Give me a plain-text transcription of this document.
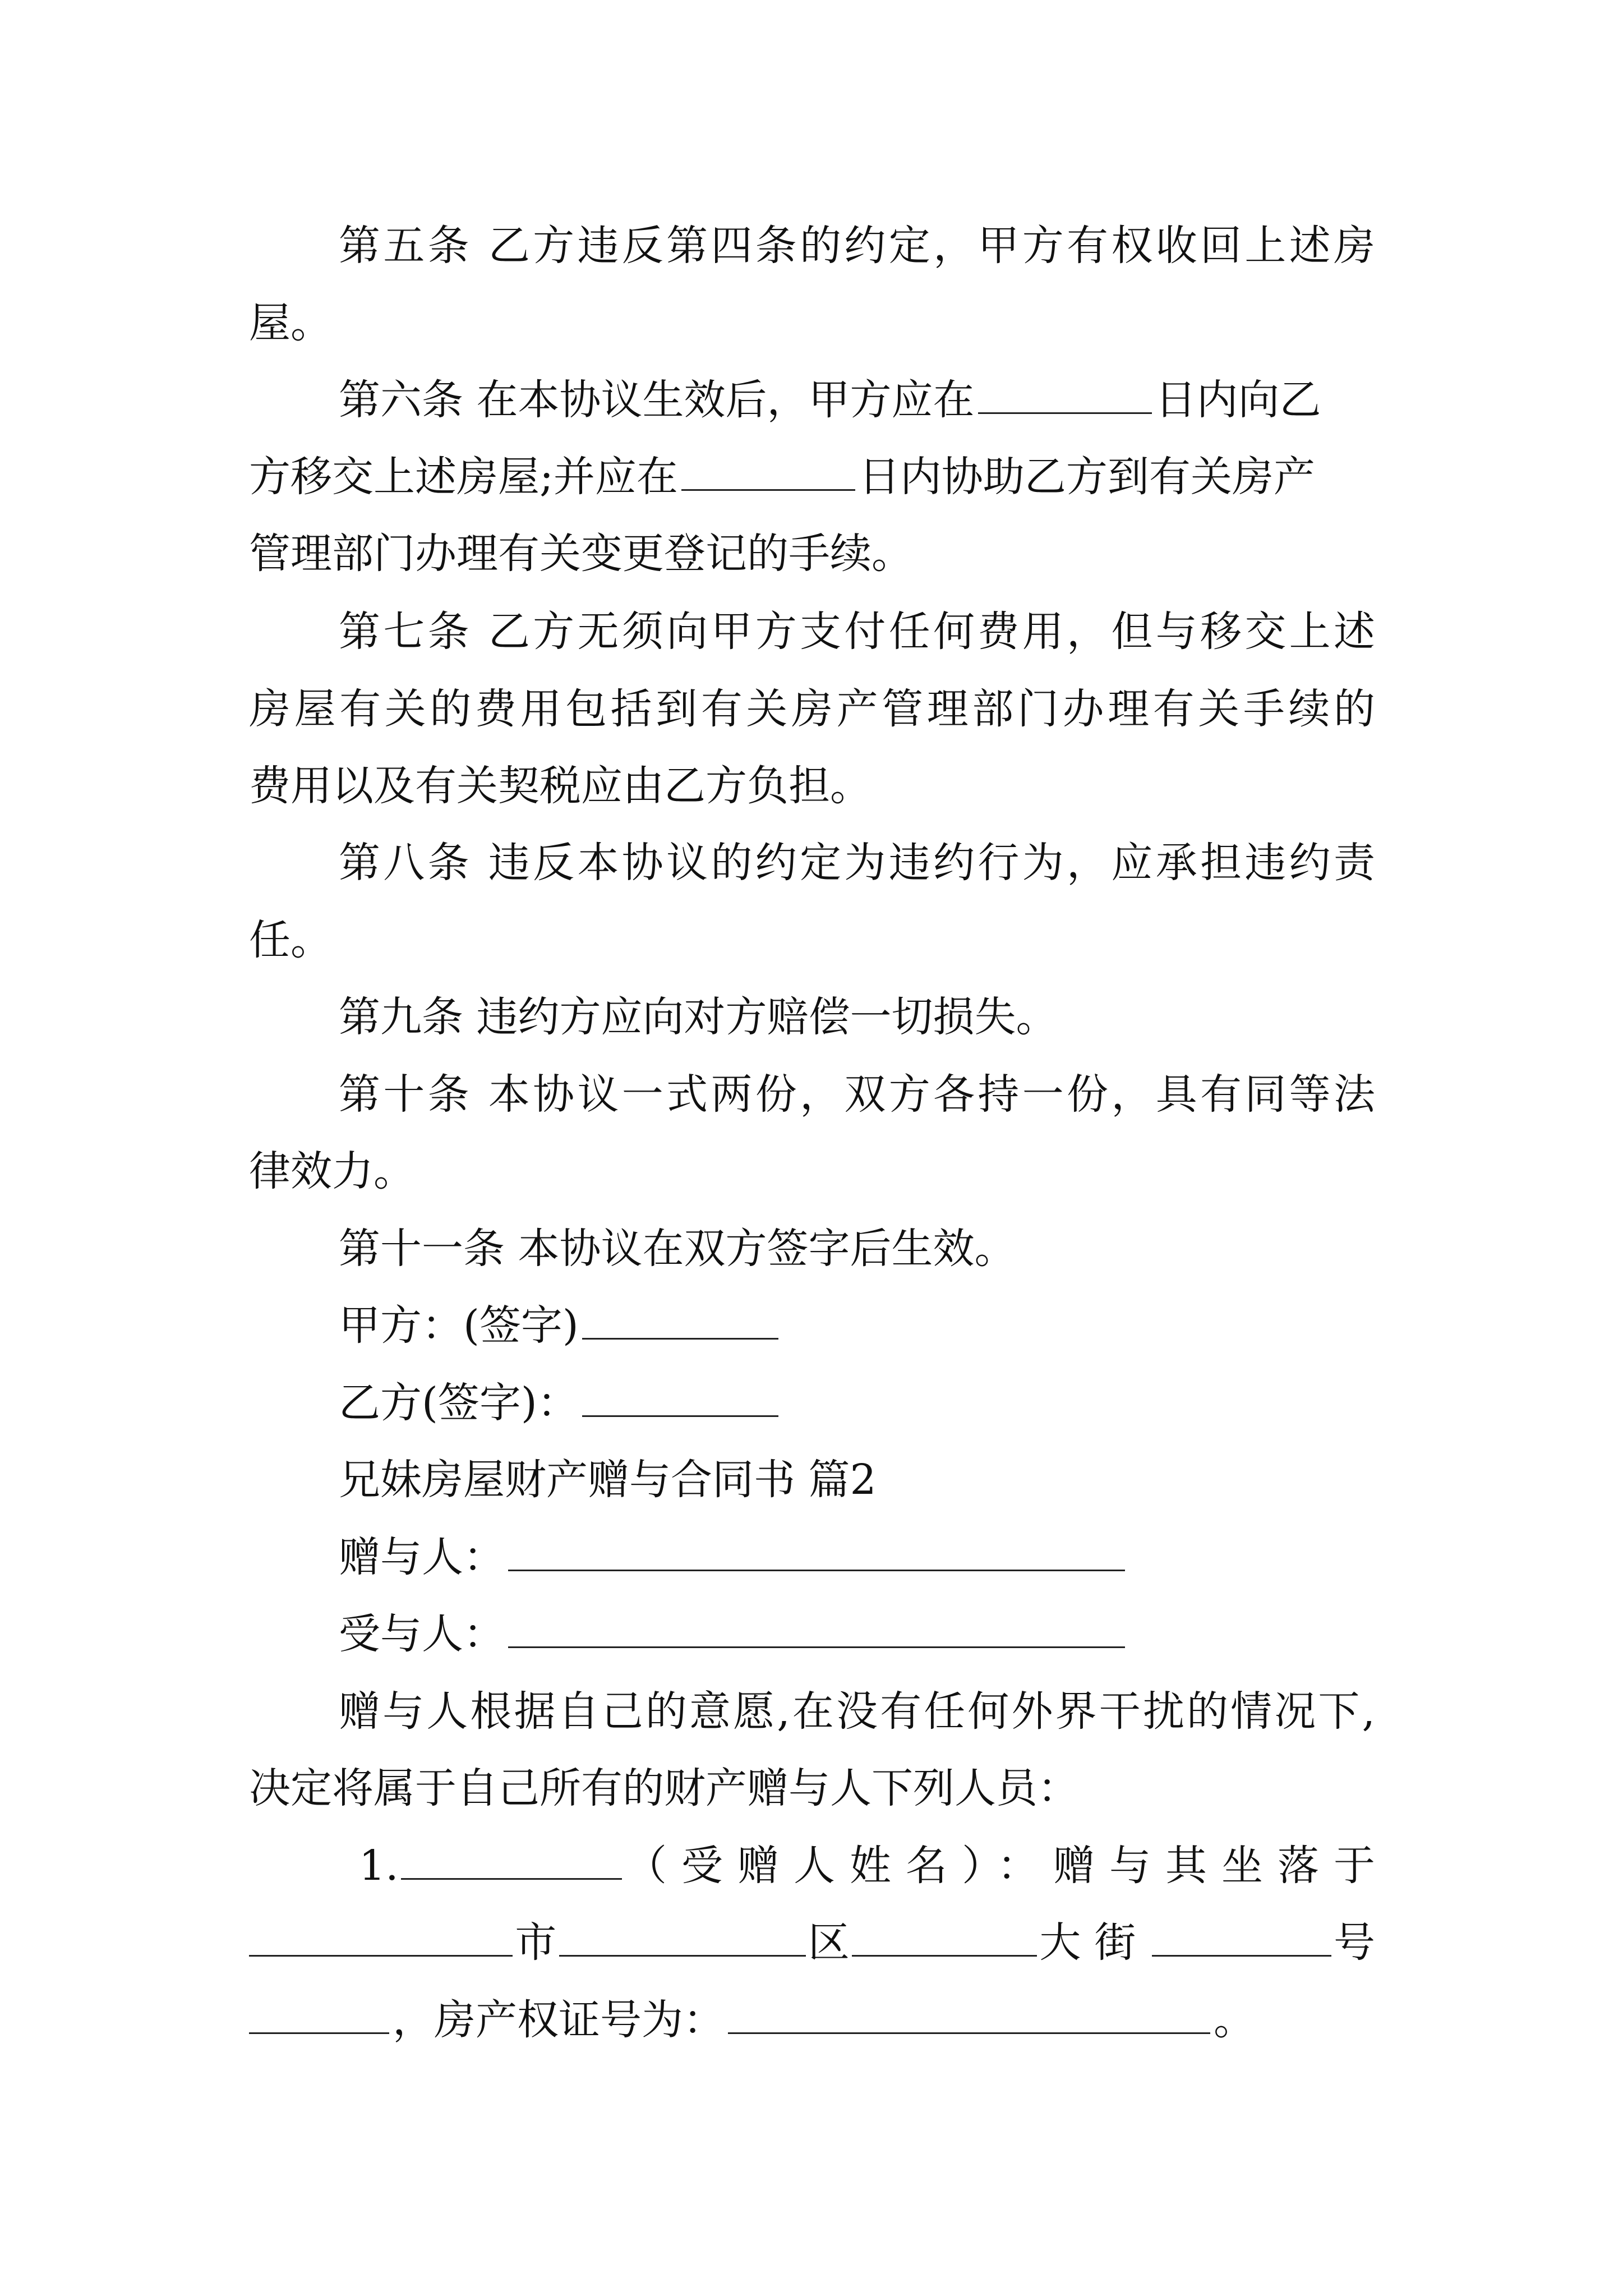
第五条 乙方违反第四条的约定，甲方有权收回上述房
屋。
第六条 在本协议生效后，甲方应在	日内向乙
方移交上述房屋;并应在	日内协助乙方到有关房产
管理部门办理有关变更登记的手续。
第七条 乙方无须向甲方支付任何费用，但与移交上述
房屋有关的费用包括到有关房产管理部门办理有关手续的
费用以及有关契税应由乙方负担。
第八条 违反本协议的约定为违约行为，应承担违约责
任。
第九条 违约方应向对方赔偿一切损失。
第十条 本协议一式两份，双方各持一份，具有同等法
律效力。
第十一条 本协议在双方签字后生效。
甲方：(签字)
乙方(签字)：
兄妹房屋财产赠与合同书 篇2
赠与人：
受与人：
赠与人根据自己的意愿,在没有任何外界干扰的情况下,
决定将属于自己所有的财产赠与人下列人员：
1.	（受赠人姓名）：赠与其坐落于
市	区	大街	号
，房产权证号为：	。
